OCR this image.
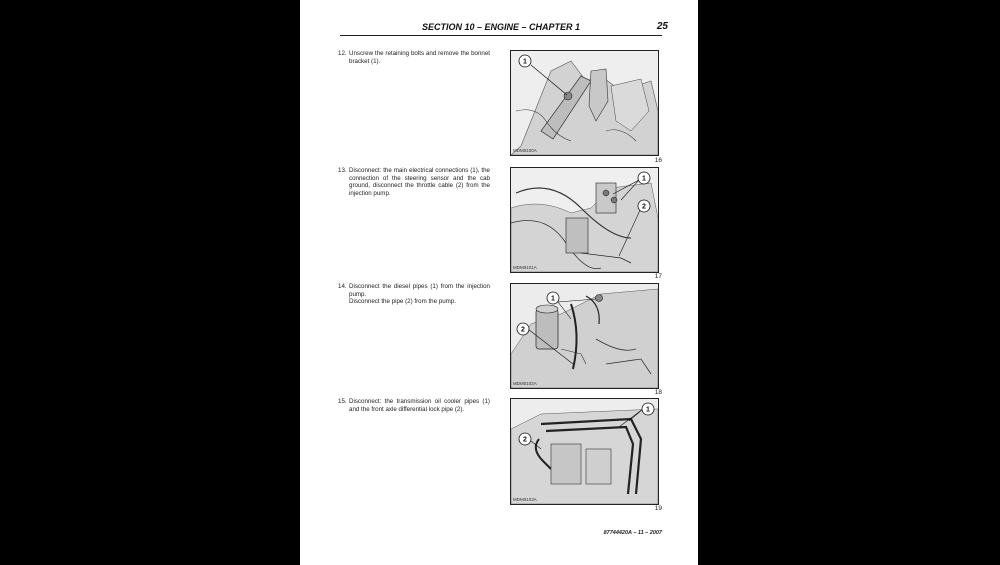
SECTION 10 – ENGINE – CHAPTER 1	25
12. Unscrew the retaining bolts and remove the bonnet bracket (1).	1
MDM0100A
16
13. Disconnect: the main electrical connections (1), the connection of the steering sensor and the cab ground, disconnect the throttle cable (2) from the injection pump.
1
2
MDM0101A
17
14. Disconnect the diesel pipes (1) from the injection pump.
Disconnect the pipe (2) from the pump.	1
2
MDM0102A
18
15. Disconnect: the transmission oil cooler pipes (1) and the front axle differential lock pipe (2).	1
2
MDM0103A
19
87744420A – 11 – 2007
